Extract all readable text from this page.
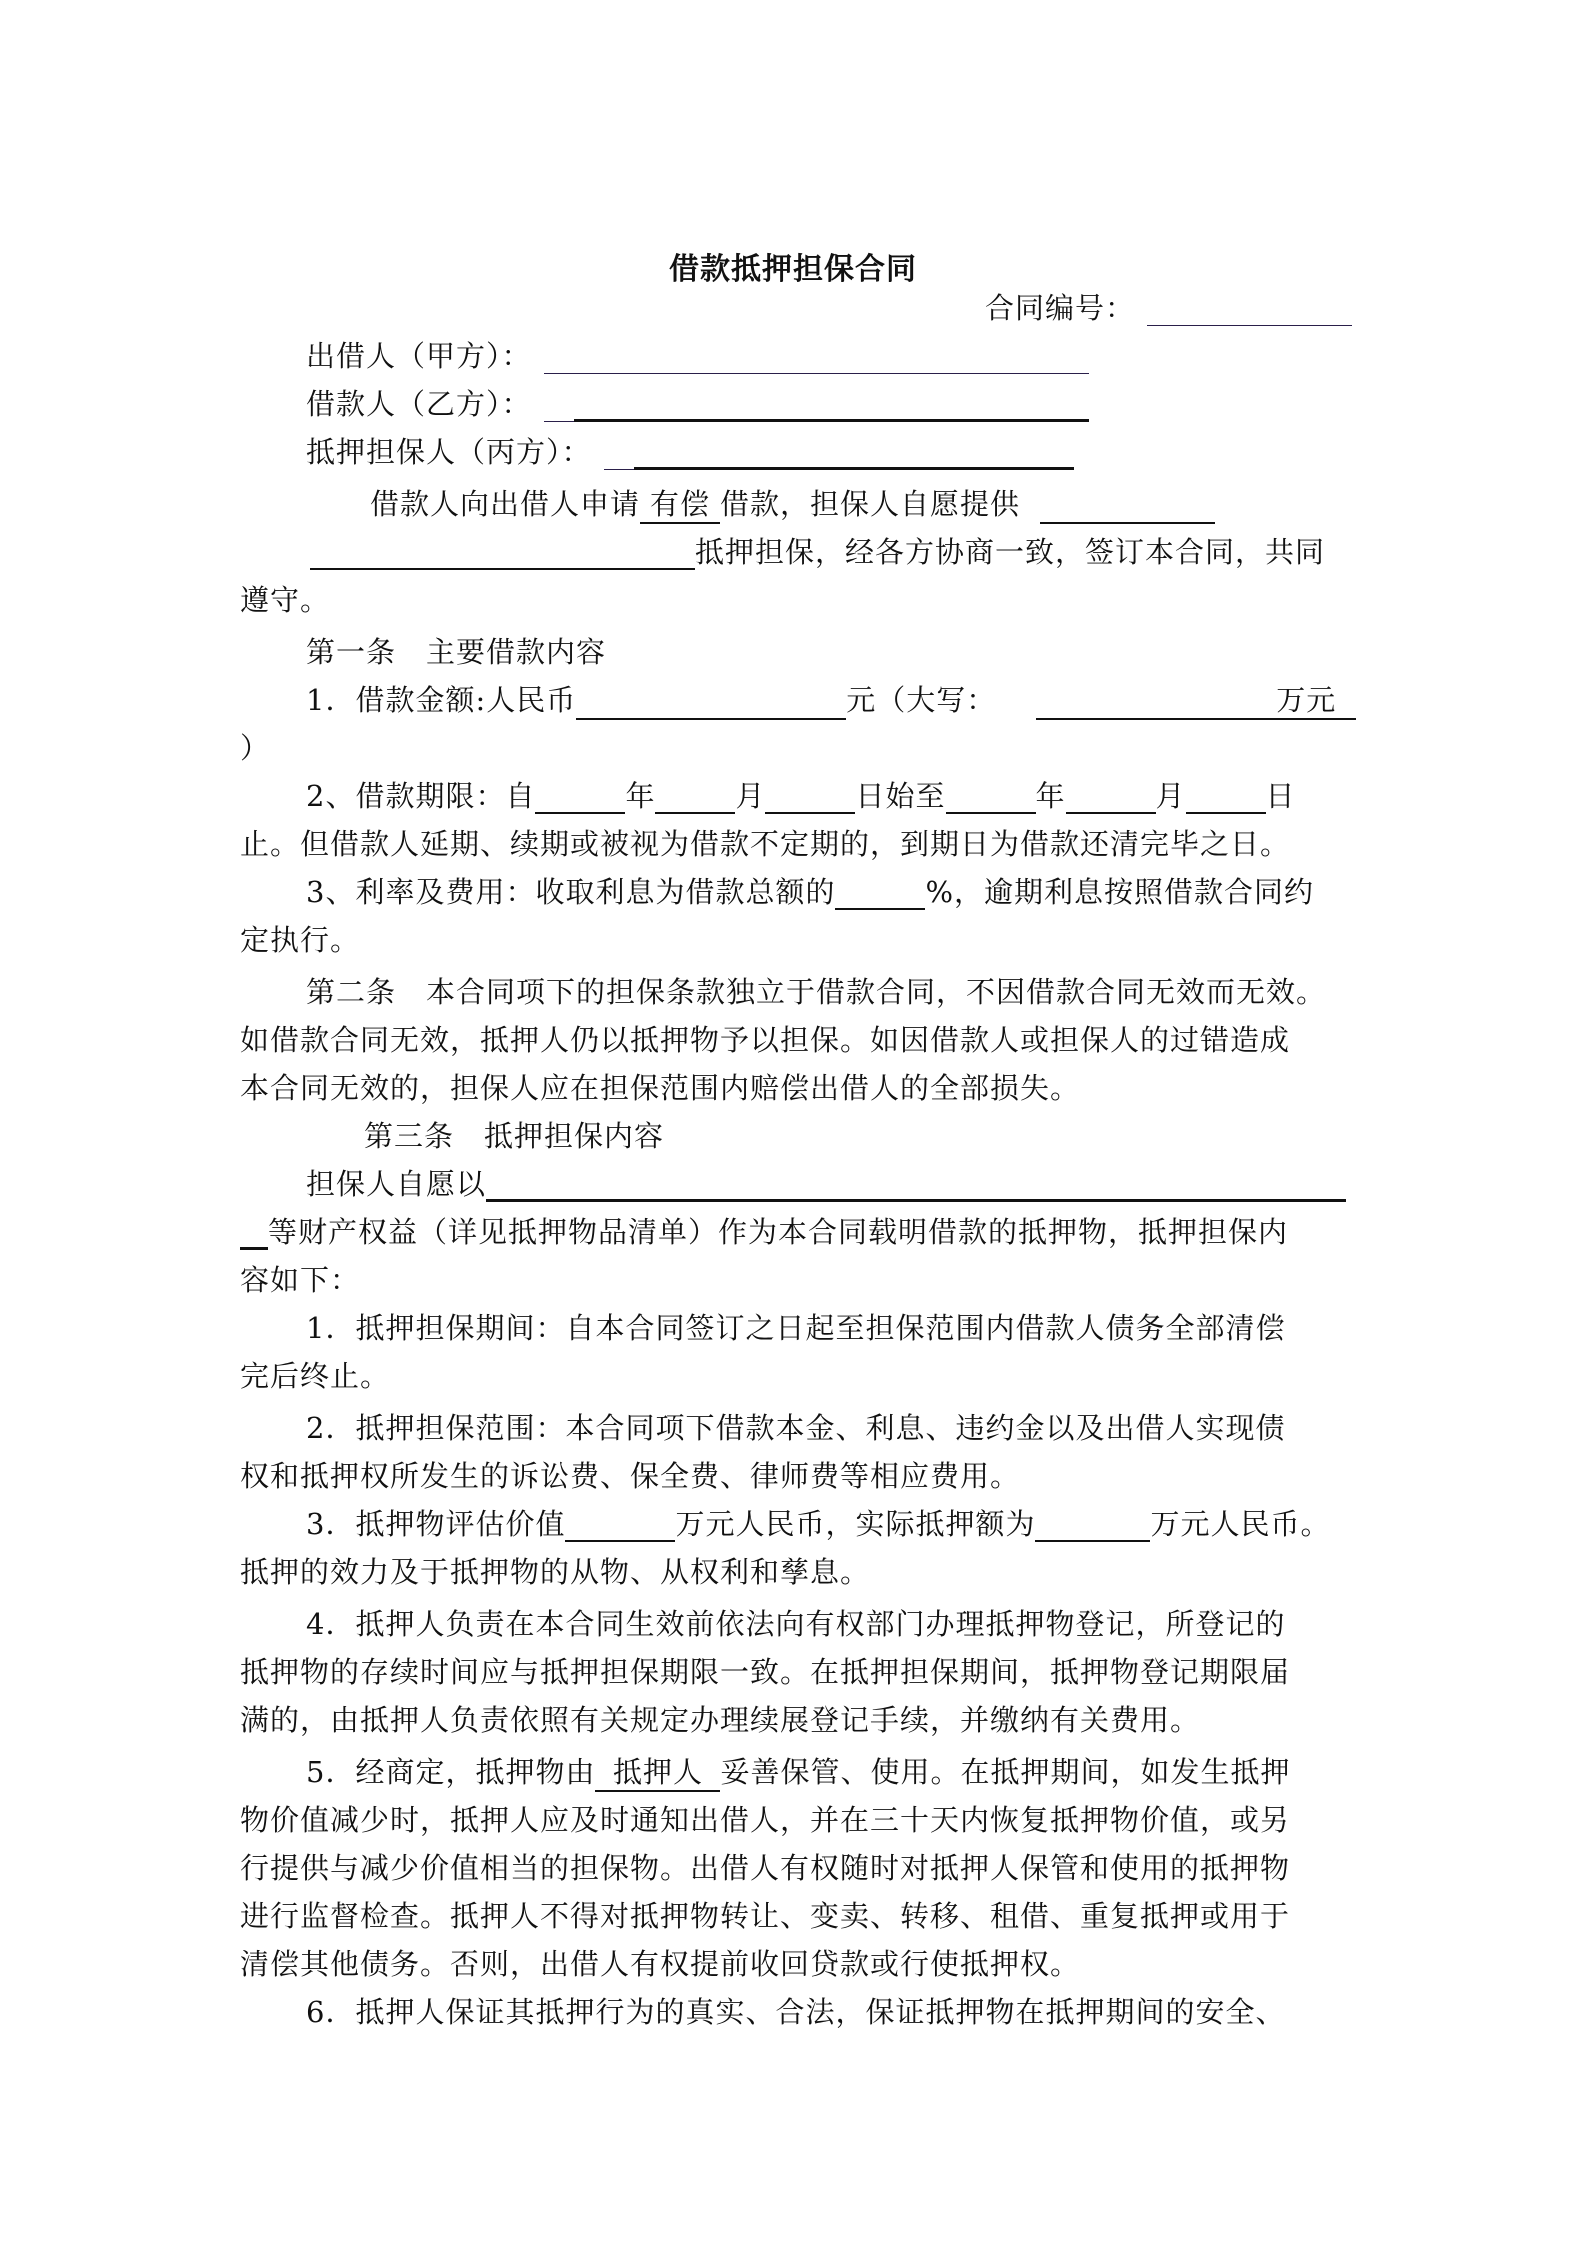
借款抵押担保合同
合同编号：
出借人（甲方）：
借款人（乙方）：
抵押担保人（丙方）：
借款人向出借人申请 有偿 借款，担保人自愿提供
抵押担保，经各方协商一致，签订本合同，共同
遵守。
第一条　主要借款内容
1．借款金额:人民币	元（大写：	万元
）
2、借款期限：自	年	月	日始至	年	月	日
止。但借款人延期、续期或被视为借款不定期的，到期日为借款还清完毕之日。
3、利率及费用：收取利息为借款总额的	%，逾期利息按照借款合同约
定执行。
第二条　本合同项下的担保条款独立于借款合同，不因借款合同无效而无效。
如借款合同无效，抵押人仍以抵押物予以担保。如因借款人或担保人的过错造成
本合同无效的，担保人应在担保范围内赔偿出借人的全部损失。
第三条　抵押担保内容
担保人自愿以
等财产权益（详见抵押物品清单）作为本合同载明借款的抵押物，抵押担保内
容如下：
1．抵押担保期间：自本合同签订之日起至担保范围内借款人债务全部清偿
完后终止。
2．抵押担保范围：本合同项下借款本金、利息、违约金以及出借人实现债
权和抵押权所发生的诉讼费、保全费、律师费等相应费用。
3．抵押物评估价值	万元人民币，实际抵押额为	万元人民币。
抵押的效力及于抵押物的从物、从权利和孳息。
4．抵押人负责在本合同生效前依法向有权部门办理抵押物登记，所登记的
抵押物的存续时间应与抵押担保期限一致。在抵押担保期间，抵押物登记期限届
满的，由抵押人负责依照有关规定办理续展登记手续，并缴纳有关费用。
5．经商定，抵押物由 抵押人 妥善保管、使用。在抵押期间，如发生抵押
物价值减少时，抵押人应及时通知出借人，并在三十天内恢复抵押物价值，或另
行提供与减少价值相当的担保物。出借人有权随时对抵押人保管和使用的抵押物
进行监督检查。抵押人不得对抵押物转让、变卖、转移、租借、重复抵押或用于
清偿其他债务。否则，出借人有权提前收回贷款或行使抵押权。
6．抵押人保证其抵押行为的真实、合法，保证抵押物在抵押期间的安全、
